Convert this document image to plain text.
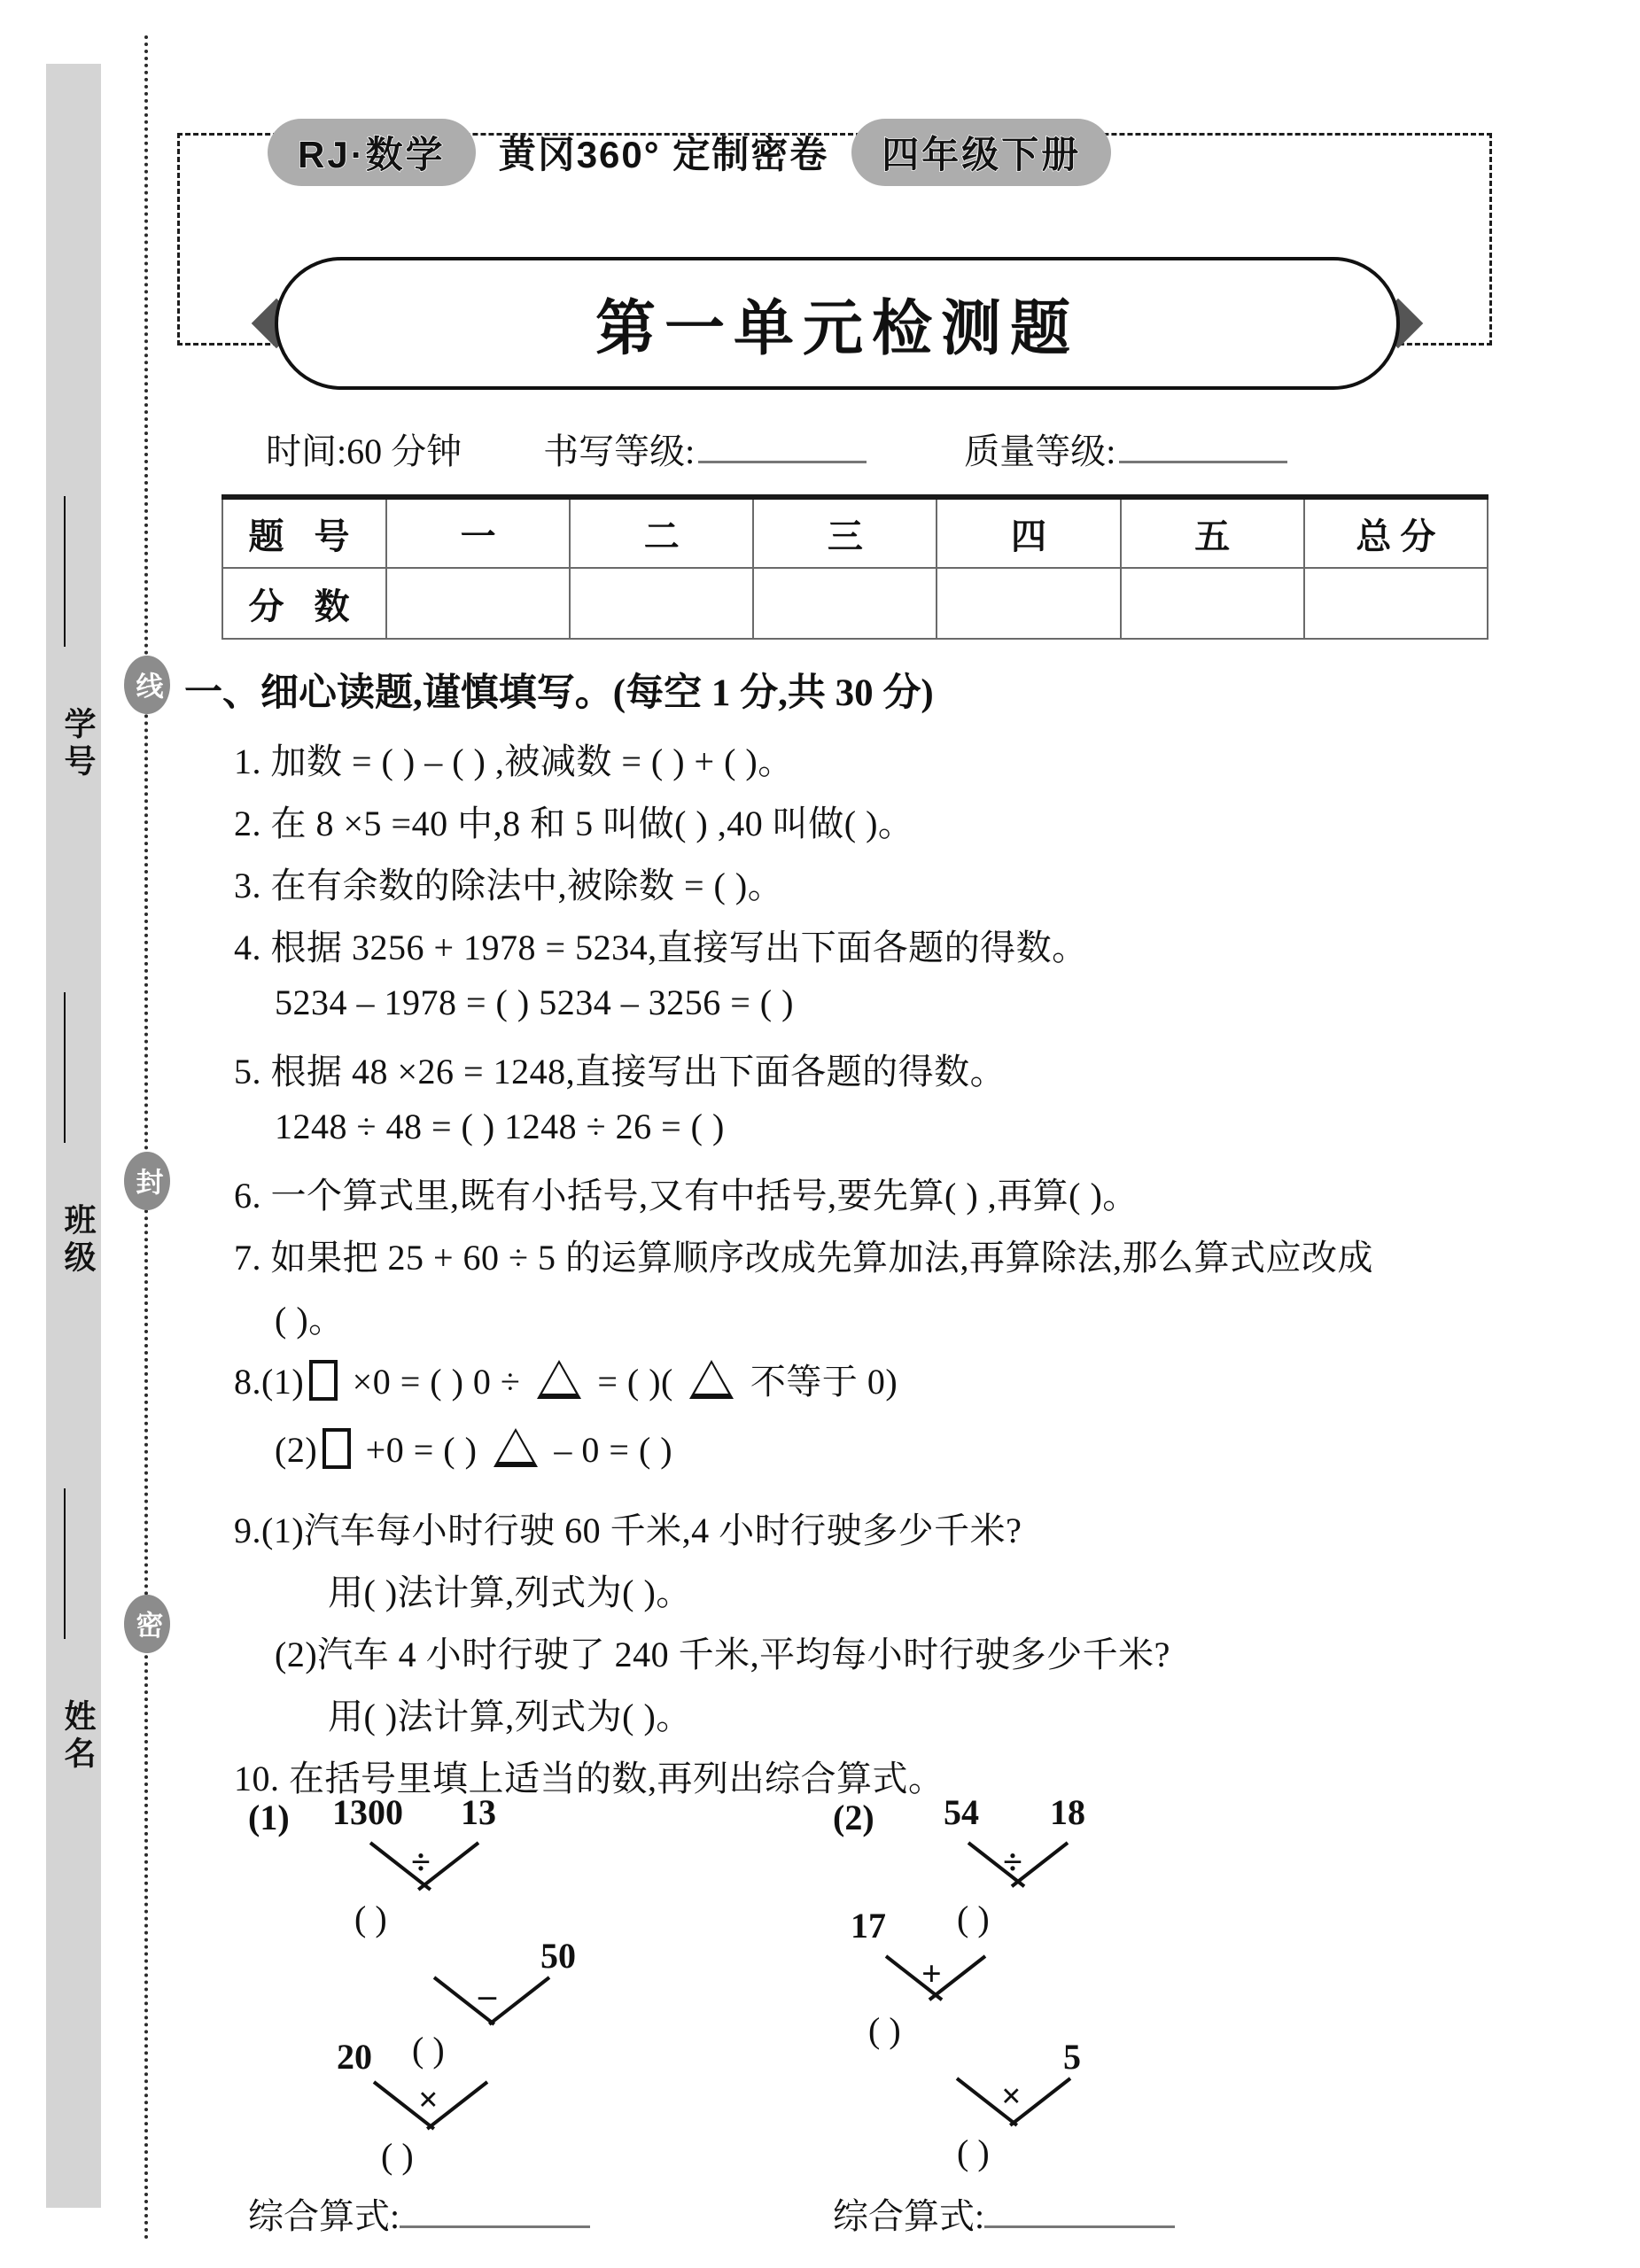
学号
班级
姓名
线
封
密
RJ·数学	黄冈360° 定制密卷	四年级下册
第一单元检测题
时间:60 分钟 书写等级:	质量等级:
题 号	一	二	三	四	五	总 分
分 数						
一、细心读题,谨慎填写。(每空 1 分,共 30 分)
1. 加数 = ( ) – ( ) ,被减数 = ( ) + ( )。
2. 在 8 ×5 =40 中,8 和 5 叫做( ) ,40 叫做( )。
3. 在有余数的除法中,被除数 = ( )。
4. 根据 3256 + 1978 = 5234,直接写出下面各题的得数。
5234 – 1978 = ( ) 5234 – 3256 = ( )
5. 根据 48 ×26 = 1248,直接写出下面各题的得数。
1248 ÷ 48 = ( ) 1248 ÷ 26 = ( )
6. 一个算式里,既有小括号,又有中括号,要先算( ) ,再算( )。
7. 如果把 25 + 60 ÷ 5 的运算顺序改成先算加法,再算除法,那么算式应改成
( )。
8.(1) ×0 = ( ) 0 ÷  = ( )(  不等于 0)
(2) +0 = ( )  – 0 = ( )
9.(1)汽车每小时行驶 60 千米,4 小时行驶多少千米?
用( )法计算,列式为( )。
(2)汽车 4 小时行驶了 240 千米,平均每小时行驶多少千米?
用( )法计算,列式为( )。
10. 在括号里填上适当的数,再列出综合算式。
(1) 1300 13
÷
( )
50
–
20 ( )
×
( )
综合算式:
(2) 54 18
÷
( )
17
+
( )
5
×
( )
综合算式:
